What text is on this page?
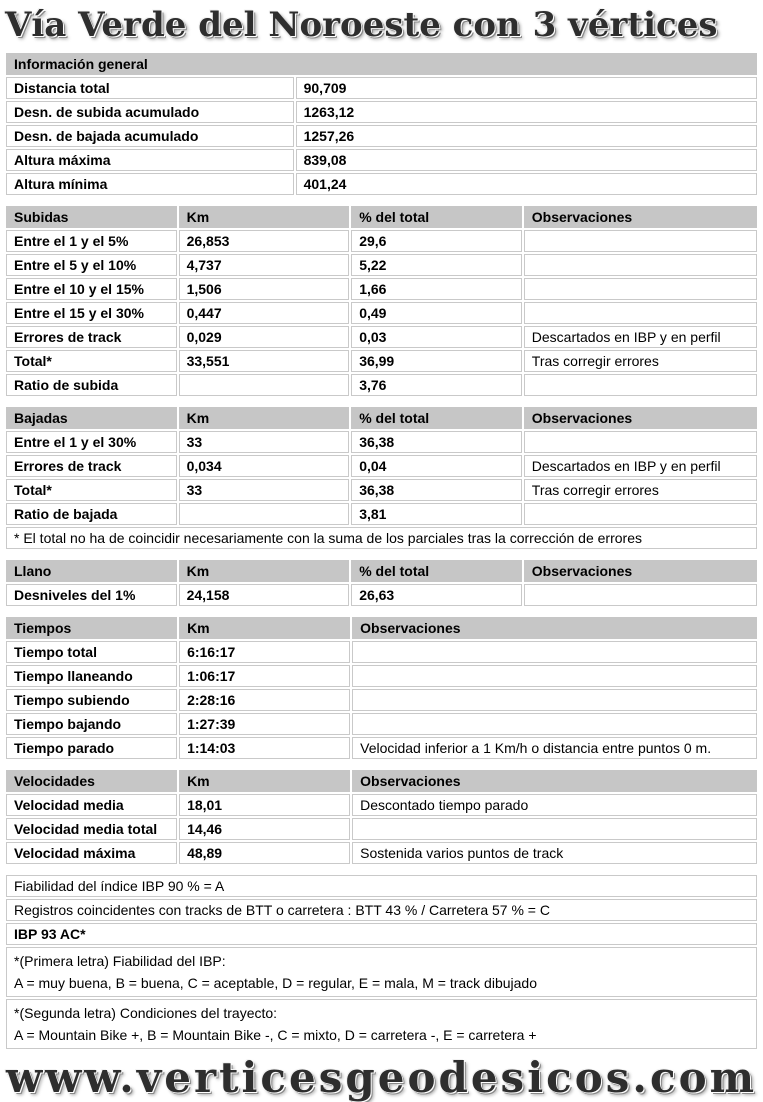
Vía Verde del Noroeste con 3 vértices
Información general	
Distancia total	90,709
Desn. de subida acumulado	1263,12
Desn. de bajada acumulado	1257,26
Altura máxima	839,08
Altura mínima	401,24
Subidas	Km	% del total	Observaciones
Entre el 1 y el 5%	26,853	29,6	
Entre el 5 y el 10%	4,737	5,22	
Entre el 10 y el 15%	1,506	1,66	
Entre el 15 y el 30%	0,447	0,49	
Errores de track	0,029	0,03	Descartados en IBP y en perfil
Total*	33,551	36,99	Tras corregir errores
Ratio de subida		3,76	
Bajadas	Km	% del total	Observaciones
Entre el 1 y el 30%	33	36,38	
Errores de track	0,034	0,04	Descartados en IBP y en perfil
Total*	33	36,38	Tras corregir errores
Ratio de bajada		3,81	
* El total no ha de coincidir necesariamente con la suma de los parciales tras la corrección de errores			
Llano	Km	% del total	Observaciones
Desniveles del 1%	24,158	26,63	
Tiempos	Km	Observaciones
Tiempo total	6:16:17	
Tiempo llaneando	1:06:17	
Tiempo subiendo	2:28:16	
Tiempo bajando	1:27:39	
Tiempo parado	1:14:03	Velocidad inferior a 1 Km/h o distancia entre puntos 0 m.
Velocidades	Km	Observaciones
Velocidad media	18,01	Descontado tiempo parado
Velocidad media total	14,46	
Velocidad máxima	48,89	Sostenida varios puntos de track
Fiabilidad del índice IBP 90 % = A
Registros coincidentes con tracks de BTT o carretera : BTT 43 % / Carretera 57 % = C
IBP 93 AC*

*(Primera letra) Fiabilidad del IBP:
A = muy buena, B = buena, C = aceptable, D = regular, E = mala, M = track dibujado

*(Segunda letra) Condiciones del trayecto:
A = Mountain Bike +, B = Mountain Bike -, C = mixto, D = carretera -, E = carretera +
www.verticesgeodesicos.com
